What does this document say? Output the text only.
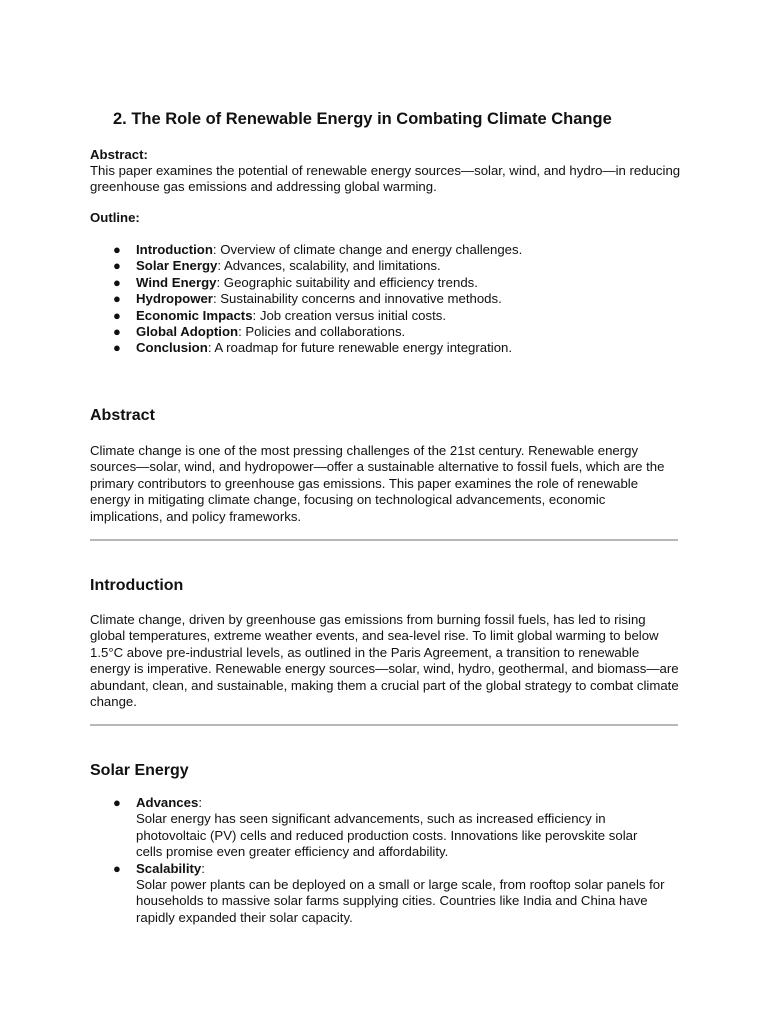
2. The Role of Renewable Energy in Combating Climate Change
Abstract:

This paper examines the potential of renewable energy sources—solar, wind, and hydro—in reducing greenhouse gas emissions and addressing global warming.

Outline:
●	Introduction: Overview of climate change and energy challenges.
●	Solar Energy: Advances, scalability, and limitations.
●	Wind Energy: Geographic suitability and efficiency trends.
●	Hydropower: Sustainability concerns and innovative methods.
●	Economic Impacts: Job creation versus initial costs.
●	Global Adoption: Policies and collaborations.
●	Conclusion: A roadmap for future renewable energy integration.
Abstract

Climate change is one of the most pressing challenges of the 21st century. Renewable energy sources—solar, wind, and hydropower—offer a sustainable alternative to fossil fuels, which are the primary contributors to greenhouse gas emissions. This paper examines the role of renewable energy in mitigating climate change, focusing on technological advancements, economic implications, and policy frameworks.

Introduction

Climate change, driven by greenhouse gas emissions from burning fossil fuels, has led to rising global temperatures, extreme weather events, and sea-level rise. To limit global warming to below 1.5°C above pre-industrial levels, as outlined in the Paris Agreement, a transition to renewable energy is imperative. Renewable energy sources—solar, wind, hydro, geothermal, and biomass—are abundant, clean, and sustainable, making them a crucial part of the global strategy to combat climate change.

Solar Energy
●	Advances:
Solar energy has seen significant advancements, such as increased efficiency in photovoltaic (PV) cells and reduced production costs. Innovations like perovskite solar cells promise even greater efficiency and affordability.
●	Scalability:
Solar power plants can be deployed on a small or large scale, from rooftop solar panels for households to massive solar farms supplying cities. Countries like India and China have rapidly expanded their solar capacity.
